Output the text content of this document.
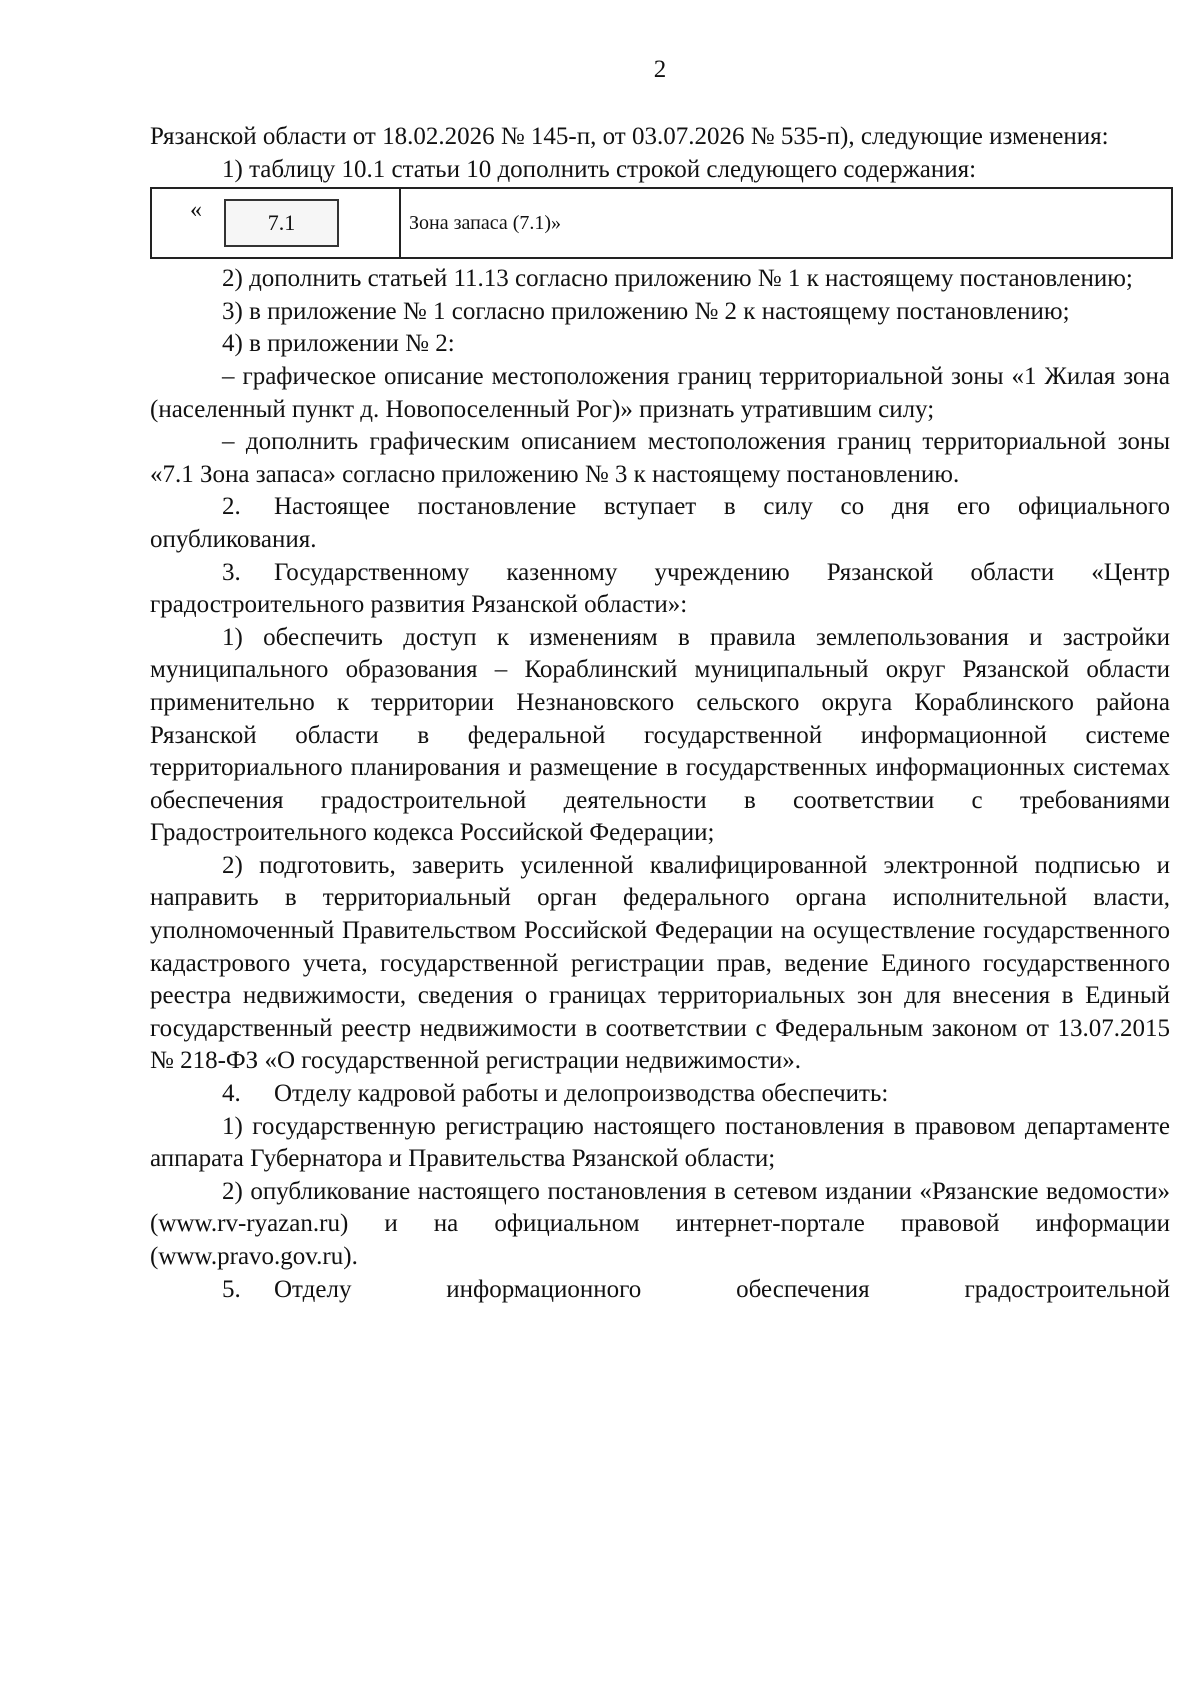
2

Рязанской области от 18.02.2026 № 145-п, от 03.07.2026 № 535-п), следующие изменения:

1) таблицу 10.1 статьи 10 дополнить строкой следующего содержания:

«	7.1	Зона запаса (7.1)»

2) дополнить статьей 11.13 согласно приложению № 1 к настоящему постановлению;

3) в приложение № 1 согласно приложению № 2 к настоящему постановлению;

4) в приложении № 2:

– графическое описание местоположения границ территориальной зоны «1 Жилая зона (населенный пункт д. Новопоселенный Рог)» признать утратившим силу;

– дополнить графическим описанием местоположения границ территориальной зоны «7.1 Зона запаса» согласно приложению № 3 к настоящему постановлению.

2. Настоящее постановление вступает в силу со дня его официального опубликования.

3. Государственному казенному учреждению Рязанской области «Центр градостроительного развития Рязанской области»:

1) обеспечить доступ к изменениям в правила землепользования и застройки муниципального образования – Кораблинский муниципальный округ Рязанской области применительно к территории Незнановского сельского округа Кораблинского района Рязанской области в федеральной государственной информационной системе территориального планирования и размещение в государственных информационных системах обеспечения градостроительной деятельности в соответствии с требованиями Градостроительного кодекса Российской Федерации;

2) подготовить, заверить усиленной квалифицированной электронной подписью и направить в территориальный орган федерального органа исполнительной власти, уполномоченный Правительством Российской Федерации на осуществление государственного кадастрового учета, государственной регистрации прав, ведение Единого государственного реестра недвижимости, сведения о границах территориальных зон для внесения в Единый государственный реестр недвижимости в соответствии с Федеральным законом от 13.07.2015 № 218-ФЗ «О государственной регистрации недвижимости».

4. Отделу кадровой работы и делопроизводства обеспечить:

1) государственную регистрацию настоящего постановления в правовом департаменте аппарата Губернатора и Правительства Рязанской области;

2) опубликование настоящего постановления в сетевом издании «Рязанские ведомости» (www.rv-ryazan.ru) и на официальном интернет-портале правовой информации (www.pravo.gov.ru).

5. Отделу информационного обеспечения градостроительной
